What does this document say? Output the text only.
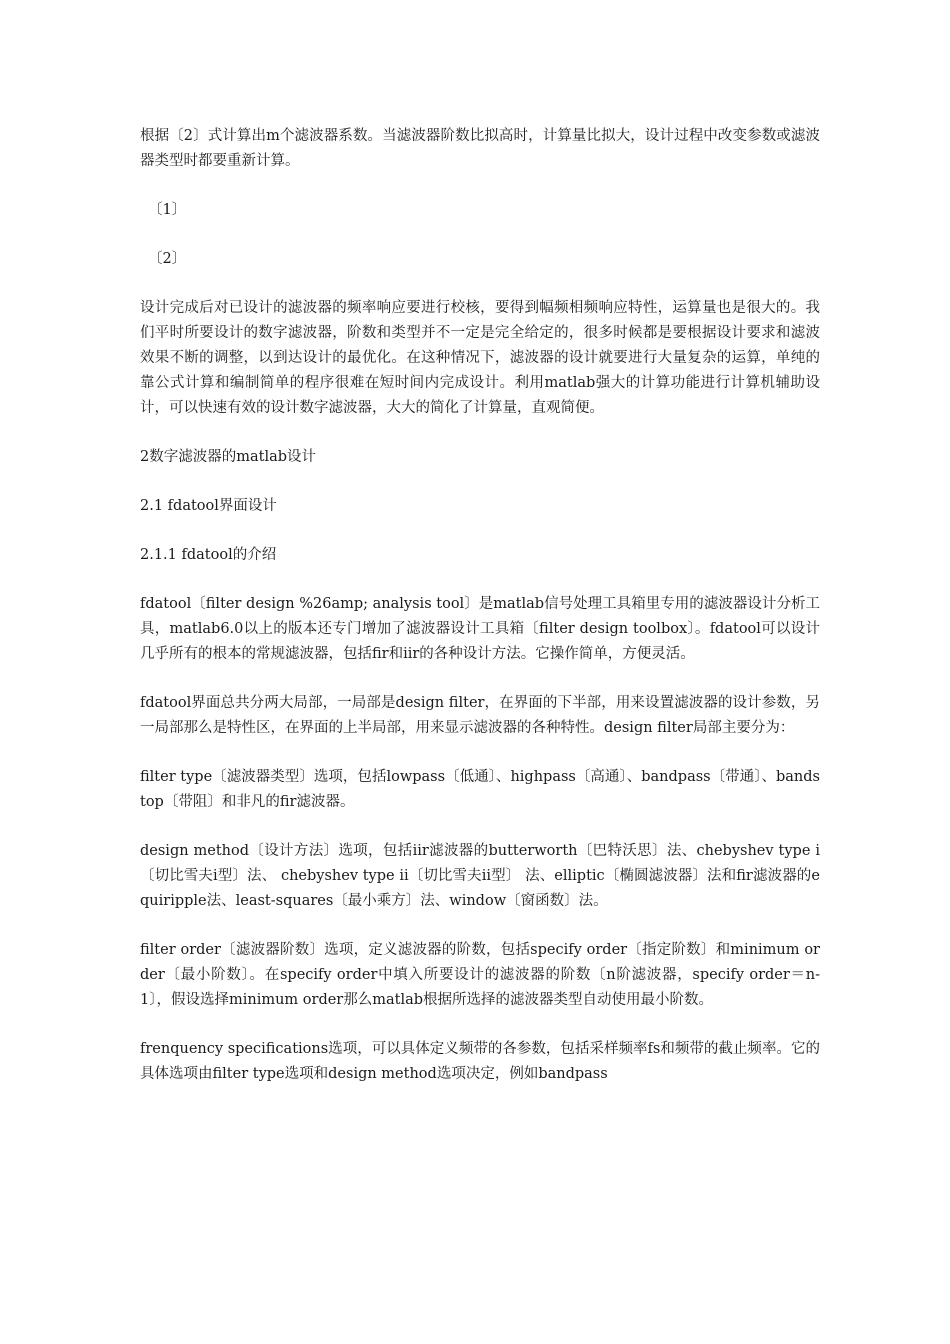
根据〔2〕式计算出m个滤波器系数。当滤波器阶数比拟高时，计算量比拟大，设计过程中改变参数或滤波器类型时都要重新计算。

〔1〕

〔2〕

设计完成后对已设计的滤波器的频率响应要进行校核，要得到幅频相频响应特性，运算量也是很大的。我们平时所要设计的数字滤波器，阶数和类型并不一定是完全给定的，很多时候都是要根据设计要求和滤波效果不断的调整，以到达设计的最优化。在这种情况下，滤波器的设计就要进行大量复杂的运算，单纯的靠公式计算和编制简单的程序很难在短时间内完成设计。利用matlab强大的计算功能进行计算机辅助设计，可以快速有效的设计数字滤波器，大大的简化了计算量，直观简便。

2数字滤波器的matlab设计

2.1 fdatool界面设计

2.1.1 fdatool的介绍

fdatool〔filter design %26amp; analysis tool〕是matlab信号处理工具箱里专用的滤波器设计分析工具，matlab6.0以上的版本还专门增加了滤波器设计工具箱〔filter design toolbox〕。fdatool可以设计几乎所有的根本的常规滤波器，包括fir和iir的各种设计方法。它操作简单，方便灵活。

fdatool界面总共分两大局部，一局部是design filter，在界面的下半部，用来设置滤波器的设计参数，另一局部那么是特性区，在界面的上半局部，用来显示滤波器的各种特性。design filter局部主要分为：

filter type〔滤波器类型〕选项，包括lowpass〔低通〕、highpass〔高通〕、bandpass〔带通〕、bandstop〔带阻〕和非凡的fir滤波器。

design method〔设计方法〕选项，包括iir滤波器的butterworth〔巴特沃思〕法、chebyshev type i〔切比雪夫i型〕法、 chebyshev type ii〔切比雪夫ii型〕 法、elliptic〔椭圆滤波器〕法和fir滤波器的equiripple法、least-squares〔最小乘方〕法、window〔窗函数〕法。

filter order〔滤波器阶数〕选项，定义滤波器的阶数，包括specify order〔指定阶数〕和minimum order〔最小阶数〕。在specify order中填入所要设计的滤波器的阶数〔n阶滤波器，specify order＝n-1〕，假设选择minimum order那么matlab根据所选择的滤波器类型自动使用最小阶数。

frenquency specifications选项，可以具体定义频带的各参数，包括采样频率fs和频带的截止频率。它的具体选项由filter type选项和design method选项决定，例如bandpass
